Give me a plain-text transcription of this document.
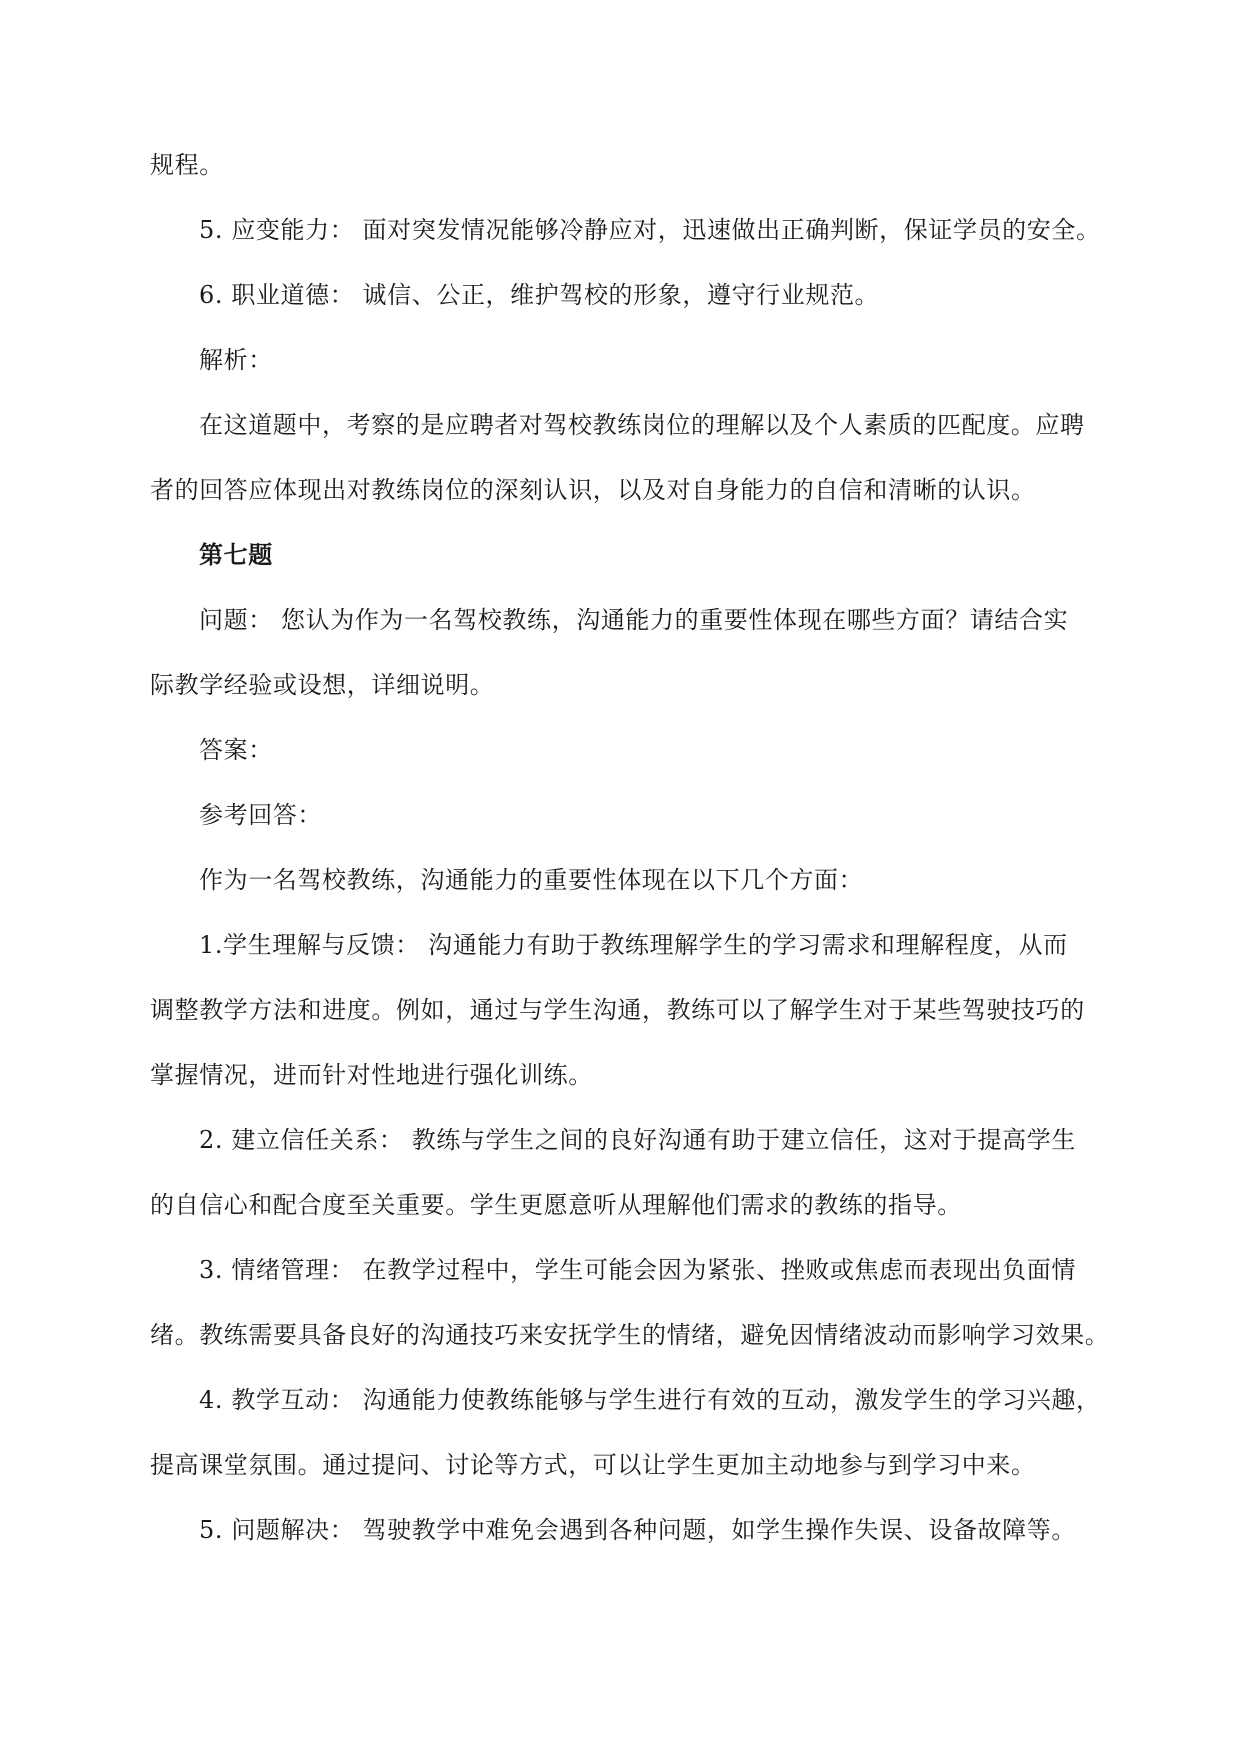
规程。
5. 应变能力： 面对突发情况能够冷静应对，迅速做出正确判断，保证学员的安全。
6. 职业道德： 诚信、公正，维护驾校的形象，遵守行业规范。
解析：
在这道题中，考察的是应聘者对驾校教练岗位的理解以及个人素质的匹配度。应聘
者的回答应体现出对教练岗位的深刻认识，以及对自身能力的自信和清晰的认识。
第七题
问题： 您认为作为一名驾校教练，沟通能力的重要性体现在哪些方面？请结合实
际教学经验或设想，详细说明。
答案：
参考回答：
作为一名驾校教练，沟通能力的重要性体现在以下几个方面：
1.学生理解与反馈： 沟通能力有助于教练理解学生的学习需求和理解程度，从而
调整教学方法和进度。例如，通过与学生沟通，教练可以了解学生对于某些驾驶技巧的
掌握情况，进而针对性地进行强化训练。
2. 建立信任关系： 教练与学生之间的良好沟通有助于建立信任，这对于提高学生
的自信心和配合度至关重要。学生更愿意听从理解他们需求的教练的指导。
3. 情绪管理： 在教学过程中，学生可能会因为紧张、挫败或焦虑而表现出负面情
绪。教练需要具备良好的沟通技巧来安抚学生的情绪，避免因情绪波动而影响学习效果。
4. 教学互动： 沟通能力使教练能够与学生进行有效的互动，激发学生的学习兴趣，
提高课堂氛围。通过提问、讨论等方式，可以让学生更加主动地参与到学习中来。
5. 问题解决： 驾驶教学中难免会遇到各种问题，如学生操作失误、设备故障等。
